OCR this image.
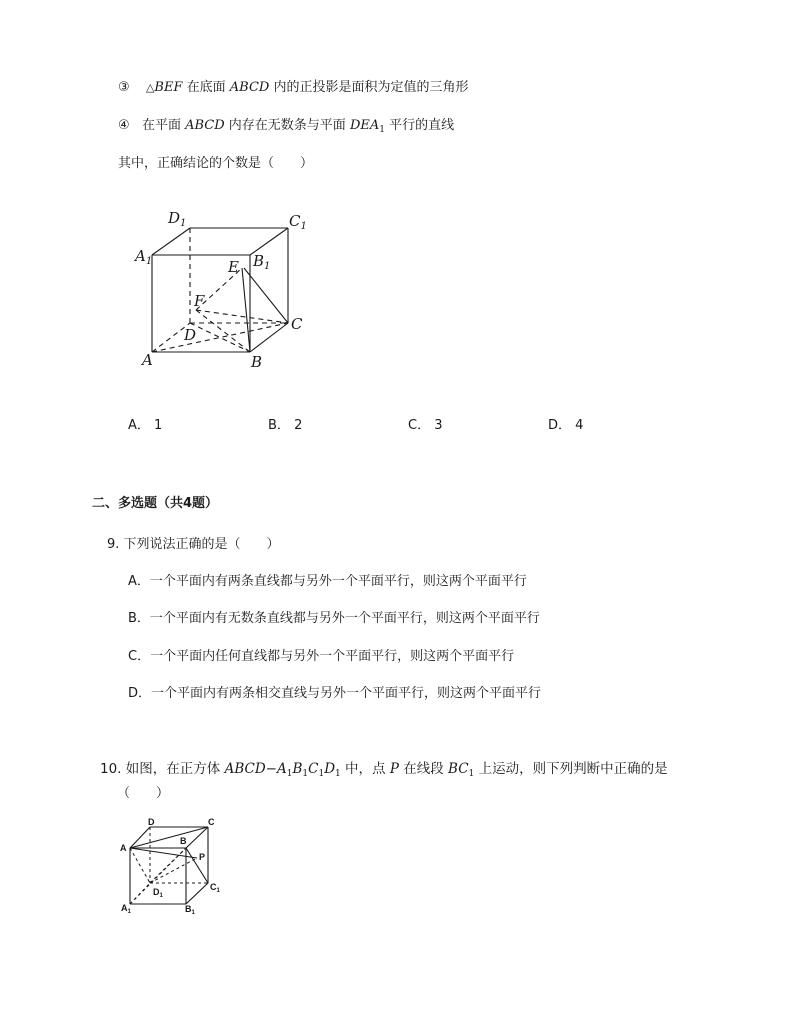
③ △BEF 在底面 ABCD 内的正投影是面积为定值的三角形
④ 在平面 ABCD 内存在无数条与平面 $DEA_1$ 平行的直线
其中，正确结论的个数是（　　）
$D_1$	$C_1$
$A_1$	$B_1$
E
F
D
C
A	B
A． 1	B． 2	C． 3	D． 4
二、多选题（共4题）
9. 下列说法正确的是（　　）
A．一个平面内有两条直线都与另外一个平面平行，则这两个平面平行
B．一个平面内有无数条直线都与另外一个平面平行，则这两个平面平行
C．一个平面内任何直线都与另外一个平面平行，则这两个平面平行
D．一个平面内有两条相交直线与另外一个平面平行，则这两个平面平行
10. 如图，在正方体 $ABCD-A_1B_1C_1D_1$ 中，点 P 在线段 $BC_1$ 上运动，则下列判断中正确的是
（　　）
D	C
A
B
P
$D_1$
$C_1$
$A_1$	$B_1$
